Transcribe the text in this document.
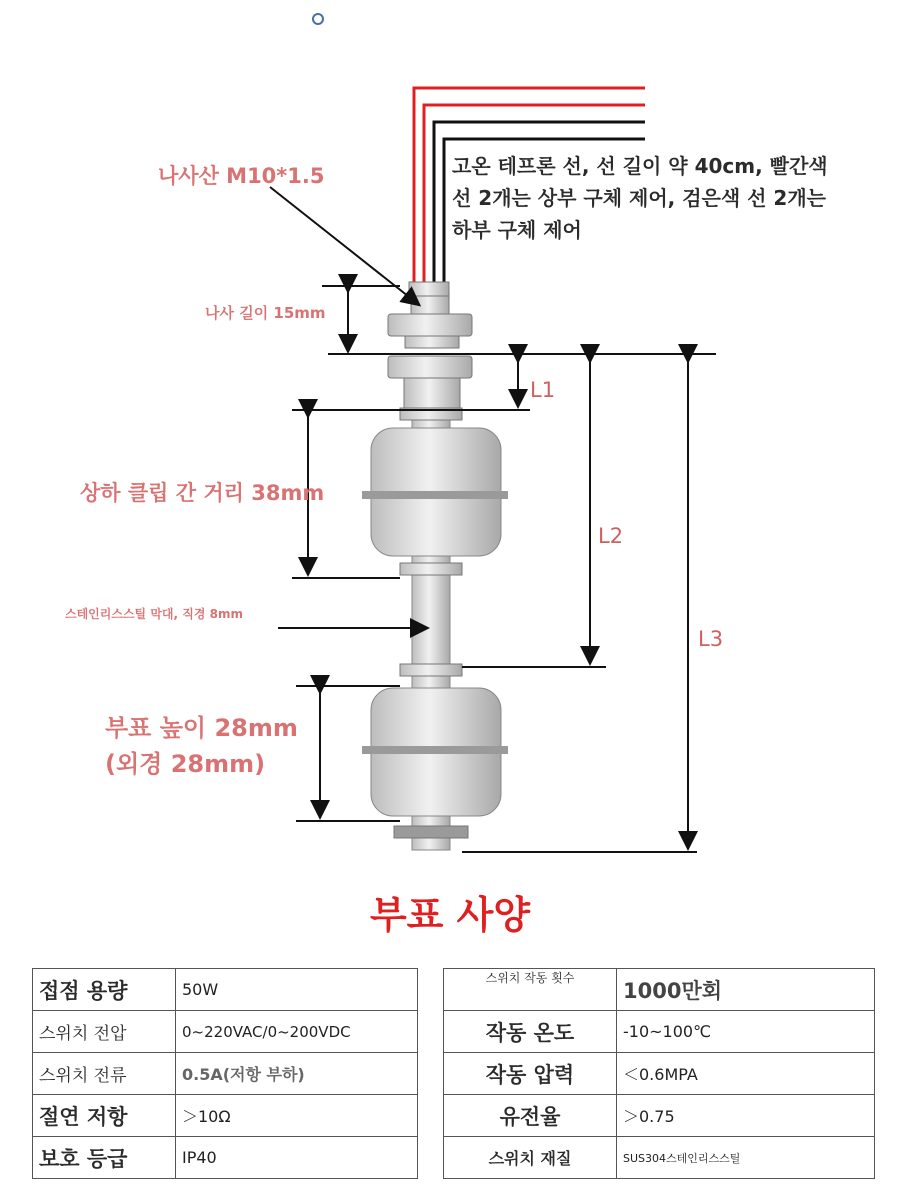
나사산 M10*1.5	고온 테프론 선, 선 길이 약 40cm, 빨간색
선 2개는 상부 구체 제어, 검은색 선 2개는
하부 구체 제어
나사 길이 15mm
상하 클립 간 거리 38mm
스테인리스스틸 막대, 직경 8mm
부표 높이 28mm
(외경 28mm)
L1
L2
L3
부표 사양
접점 용량	50W
스위치 전압	0~220VAC/0~200VDC
스위치 전류	0.5A(저항 부하)
절연 저항	＞10Ω
보호 등급	IP40
스위치 작동 횟수	1000만회
작동 온도	-10~100℃
작동 압력	＜0.6MPA
유전율	＞0.75
스위치 재질	SUS304스테인리스스틸
